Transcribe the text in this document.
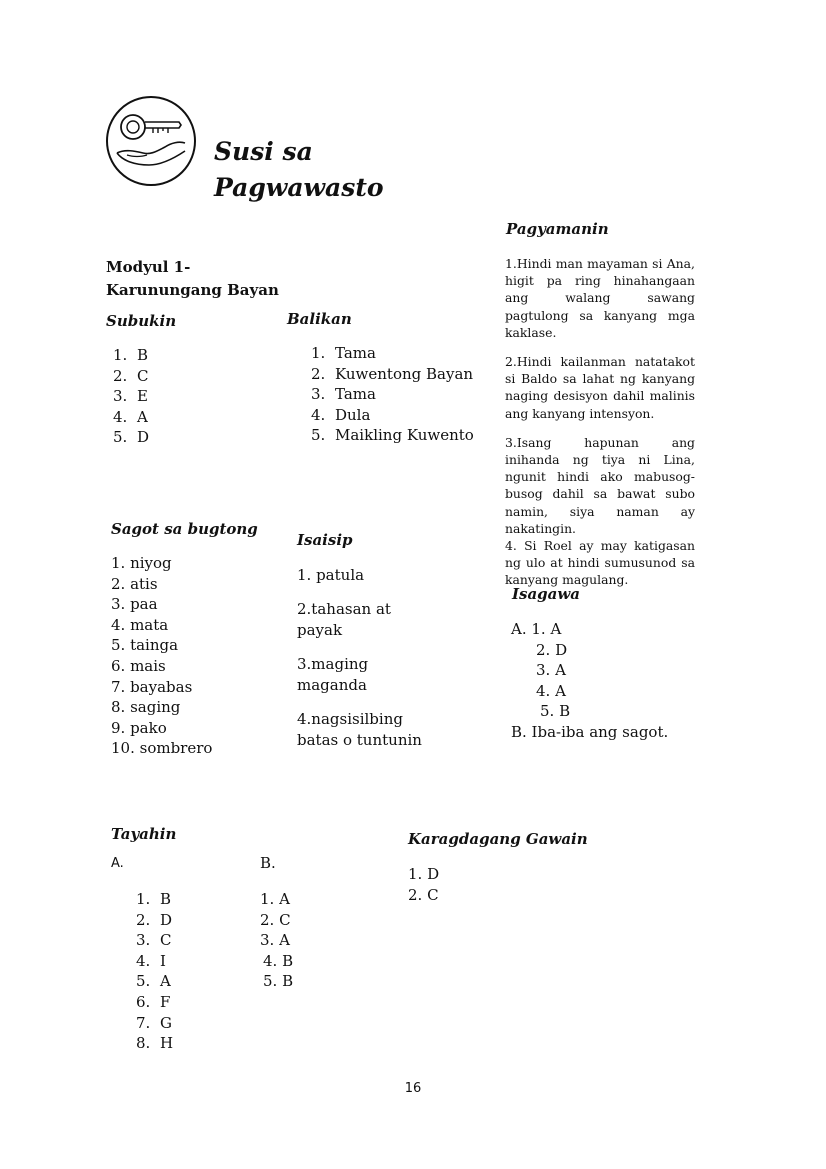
Susi sa
Pagwawasto
Modyul 1-
Karunungang Bayan
Subukin
1. B
2. C
3. E
4. A
5. D
Balikan
1. Tama
2. Kuwentong Bayan
3. Tama
4. Dula
5. Maikling Kuwento
Pagyamanin

1.Hindi man mayaman si Ana, higit pa ring hinahangaan ang walang sawang pagtulong sa kanyang mga kaklase.

2.Hindi kailanman natatakot si Baldo sa lahat ng kanyang naging desisyon dahil malinis ang kanyang intensyon.

3.Isang hapunan ang inihanda ng tiya ni Lina, ngunit hindi ako mabusog-busog dahil sa bawat subo namin, siya naman ay nakatingin.

4. Si Roel ay may katigasan ng ulo at hindi sumusunod sa kanyang magulang.

Sagot sa bugtong
1. niyog
2. atis
3. paa
4. mata
5. tainga
6. mais
7. bayabas
8. saging
9. pako
10. sombrero
Isaisip
1. patula
2.tahasan at
payak
3.maging
maganda
4.nagsisilbing
batas o tuntunin
Isagawa
A. 1. A
2. D
3. A
4. A
5. B
B. Iba-iba ang sagot.
Tayahin
A.	B.
1. B
2. D
3. C
4. I
5. A
6. F
7. G
8. H
1. A
2. C
3. A
4. B
5. B
Karagdagang Gawain
1. D
2. C
16
